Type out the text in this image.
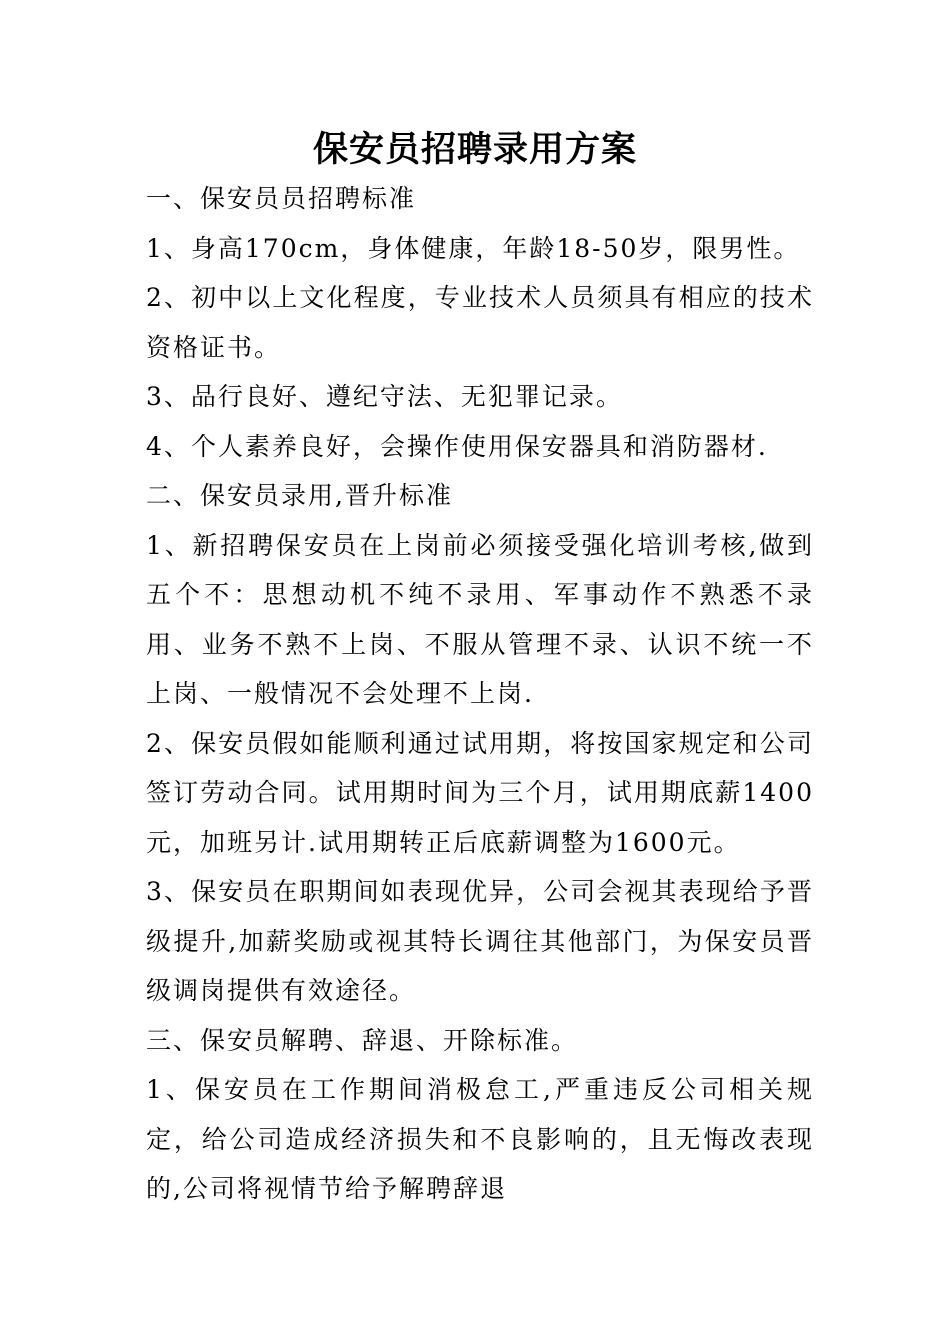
保安员招聘录用方案

一、保安员员招聘标准

1、身高170cm，身体健康，年龄18-50岁，限男性。

2、初中以上文化程度，专业技术人员须具有相应的技术资格证书。

3、品行良好、遵纪守法、无犯罪记录。

4、个人素养良好，会操作使用保安器具和消防器材.

二、保安员录用,晋升标准

1、新招聘保安员在上岗前必须接受强化培训考核,做到五个不：思想动机不纯不录用、军事动作不熟悉不录用、业务不熟不上岗、不服从管理不录、认识不统一不上岗、一般情况不会处理不上岗.

2、保安员假如能顺利通过试用期，将按国家规定和公司签订劳动合同。试用期时间为三个月，试用期底薪1400元，加班另计.试用期转正后底薪调整为1600元。

3、保安员在职期间如表现优异，公司会视其表现给予晋级提升,加薪奖励或视其特长调往其他部门，为保安员晋级调岗提供有效途径。

三、保安员解聘、辞退、开除标准。

1、保安员在工作期间消极怠工,严重违反公司相关规定，给公司造成经济损失和不良影响的，且无悔改表现的,公司将视情节给予解聘辞退
